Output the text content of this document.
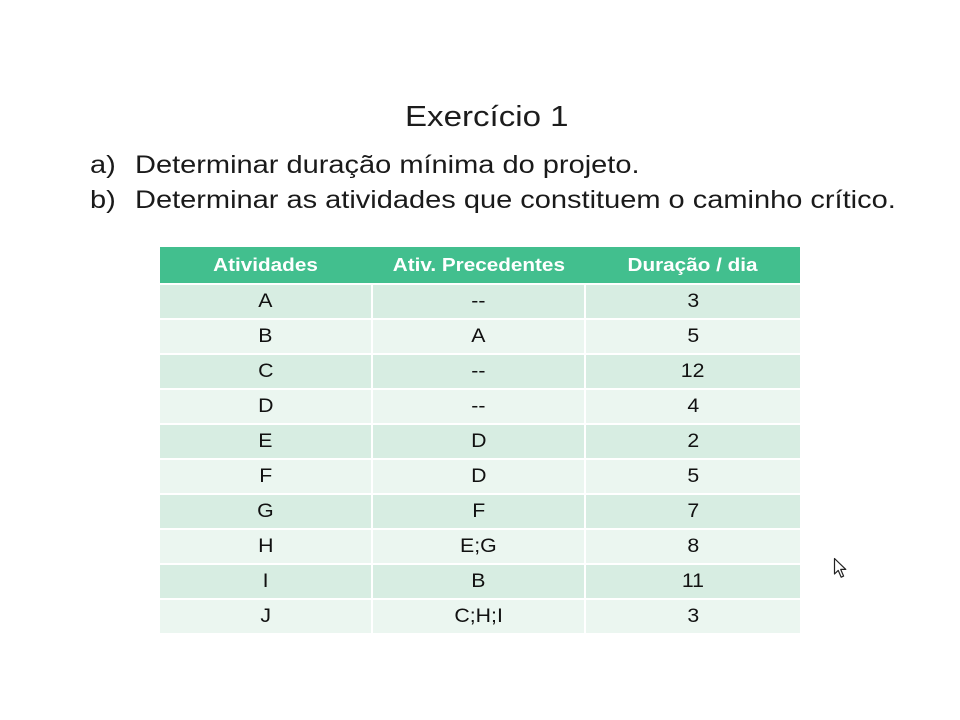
Exercício 1
a) Determinar duração mínima do projeto.
b) Determinar as atividades que constituem o caminho crítico.
Atividades	Ativ. Precedentes	Duração / dia
A	--	3
B	A	5
C	--	12
D	--	4
E	D	2
F	D	5
G	F	7
H	E;G	8
I	B	11
J	C;H;I	3
